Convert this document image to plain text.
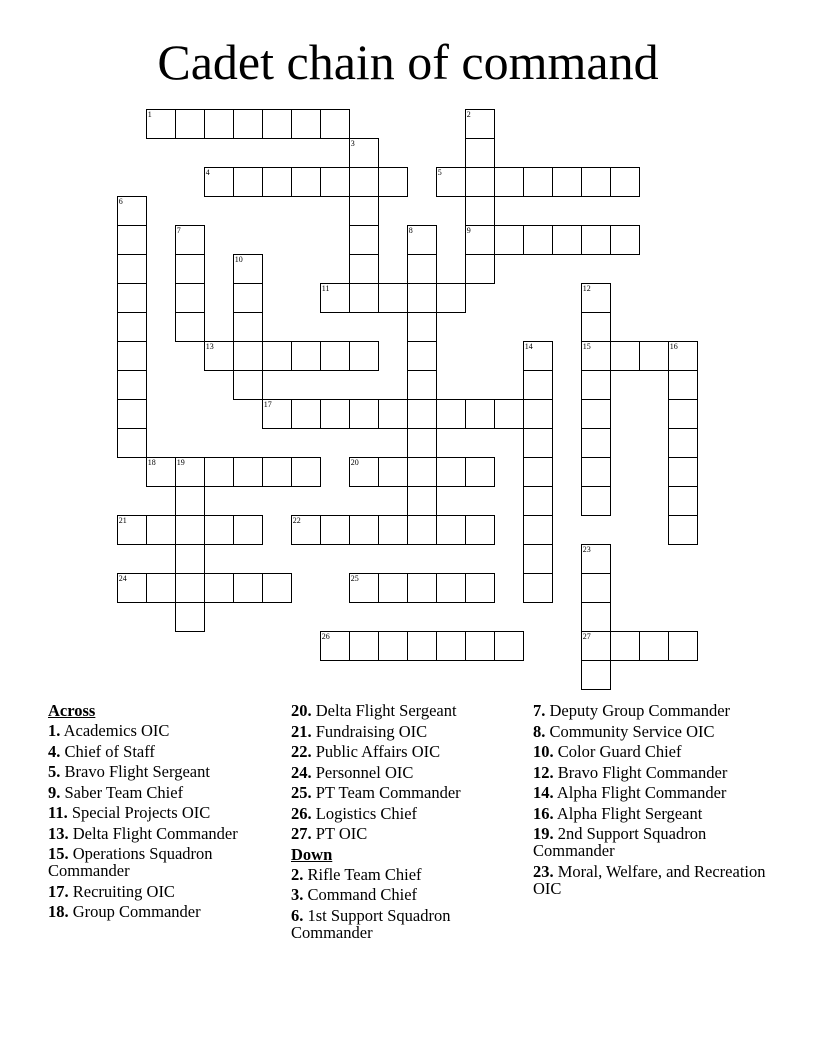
Cadet chain of command
1
4	5
9
11
13	15	16
17
18	19	20
21	22
24	25
26	27
2
3
6
7	8
10
12
14
23
Across
1. Academics OIC
4. Chief of Staff
5. Bravo Flight Sergeant
9. Saber Team Chief
11. Special Projects OIC
13. Delta Flight Commander
15. Operations Squadron Commander
17. Recruiting OIC
18. Group Commander
20. Delta Flight Sergeant
21. Fundraising OIC
22. Public Affairs OIC
24. Personnel OIC
25. PT Team Commander
26. Logistics Chief
27. PT OIC
Down
2. Rifle Team Chief
3. Command Chief
6. 1st Support Squadron Commander
7. Deputy Group Commander
8. Community Service OIC
10. Color Guard Chief
12. Bravo Flight Commander
14. Alpha Flight Commander
16. Alpha Flight Sergeant
19. 2nd Support Squadron Commander
23. Moral, Welfare, and Recreation OIC
